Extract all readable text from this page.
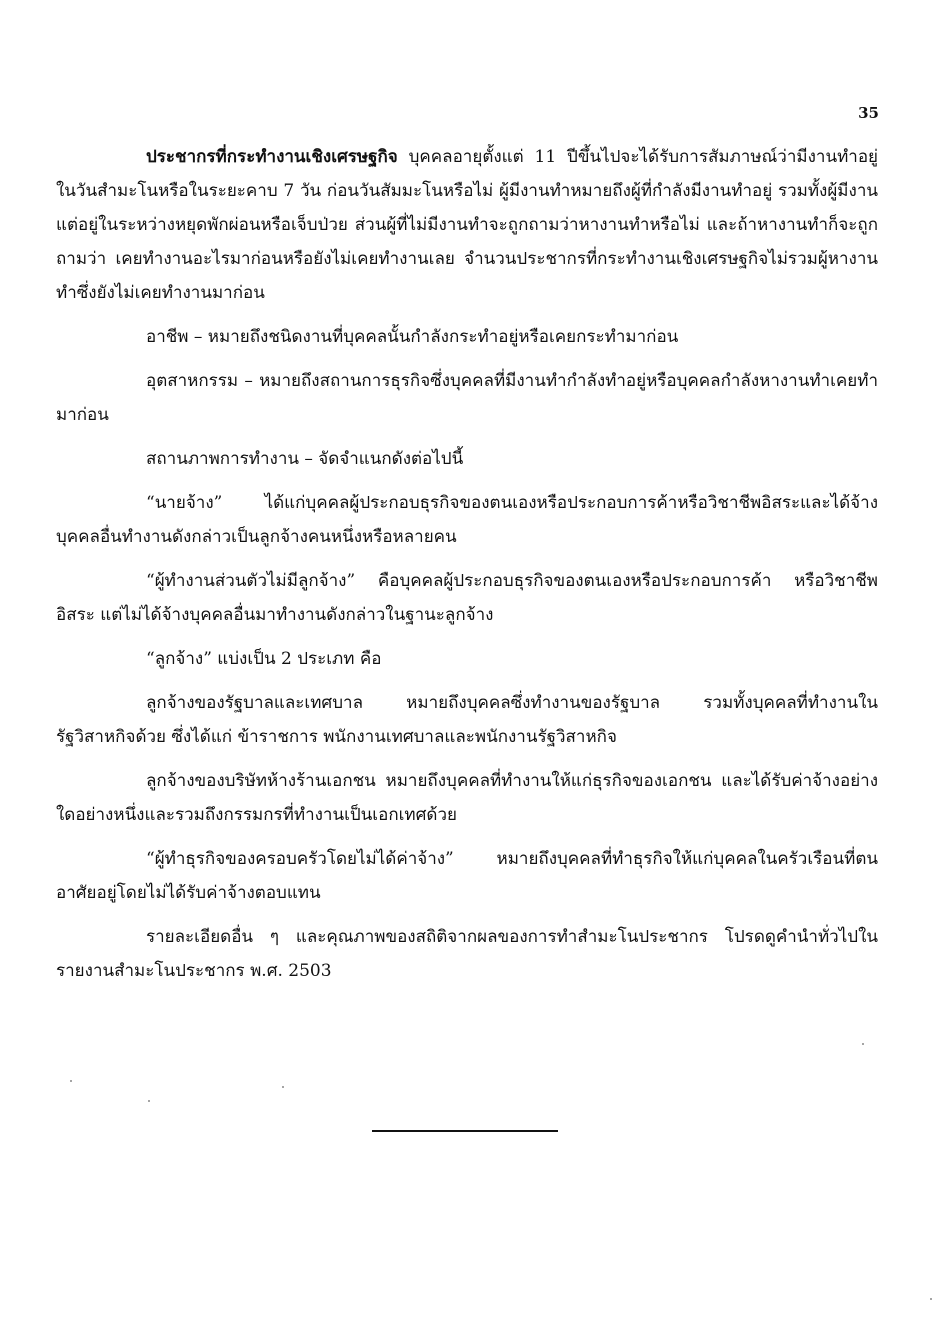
35

ประชากรที่กระทำงานเชิงเศรษฐกิจ บุคคลอายุตั้งแต่ 11 ปีขึ้นไปจะได้รับการสัมภาษณ์ว่ามีงานทำอยู่ในวันสำมะโนหรือในระยะคาบ 7 วัน ก่อนวันสัมมะโนหรือไม่ ผู้มีงานทำหมายถึงผู้ที่กำลังมีงานทำอยู่ รวมทั้งผู้มีงานแต่อยู่ในระหว่างหยุดพักผ่อนหรือเจ็บป่วย ส่วนผู้ที่ไม่มีงานทำจะถูกถามว่าหางานทำหรือไม่ และถ้าหางานทำก็จะถูกถามว่า เคยทำงานอะไรมาก่อนหรือยังไม่เคยทำงานเลย จำนวนประชากรที่กระทำงานเชิงเศรษฐกิจไม่รวมผู้หางานทำซึ่งยังไม่เคยทำงานมาก่อน

อาชีพ – หมายถึงชนิดงานที่บุคคลนั้นกำลังกระทำอยู่หรือเคยกระทำมาก่อน

อุตสาหกรรม – หมายถึงสถานการธุรกิจซึ่งบุคคลที่มีงานทำกำลังทำอยู่หรือบุคคลกำลังหางานทำเคยทำมาก่อน

สถานภาพการทำงาน – จัดจำแนกดังต่อไปนี้

“นายจ้าง” ได้แก่บุคคลผู้ประกอบธุรกิจของตนเองหรือประกอบการค้าหรือวิชาชีพอิสระและได้จ้างบุคคลอื่นทำงานดังกล่าวเป็นลูกจ้างคนหนึ่งหรือหลายคน

“ผู้ทำงานส่วนตัวไม่มีลูกจ้าง” คือบุคคลผู้ประกอบธุรกิจของตนเองหรือประกอบการค้า หรือวิชาชีพอิสระ แต่ไม่ได้จ้างบุคคลอื่นมาทำงานดังกล่าวในฐานะลูกจ้าง

“ลูกจ้าง” แบ่งเป็น 2 ประเภท คือ

ลูกจ้างของรัฐบาลและเทศบาล หมายถึงบุคคลซึ่งทำงานของรัฐบาล รวมทั้งบุคคลที่ทำงานในรัฐวิสาหกิจด้วย ซึ่งได้แก่ ข้าราชการ พนักงานเทศบาลและพนักงานรัฐวิสาหกิจ

ลูกจ้างของบริษัทห้างร้านเอกชน หมายถึงบุคคลที่ทำงานให้แก่ธุรกิจของเอกชน และได้รับค่าจ้างอย่างใดอย่างหนึ่งและรวมถึงกรรมกรที่ทำงานเป็นเอกเทศด้วย

“ผู้ทำธุรกิจของครอบครัวโดยไม่ได้ค่าจ้าง” หมายถึงบุคคลที่ทำธุรกิจให้แก่บุคคลในครัวเรือนที่ตนอาศัยอยู่โดยไม่ได้รับค่าจ้างตอบแทน

รายละเอียดอื่น ๆ และคุณภาพของสถิติจากผลของการทำสำมะโนประชากร โปรดดูคำนำทั่วไปในรายงานสำมะโนประชากร พ.ศ. 2503
